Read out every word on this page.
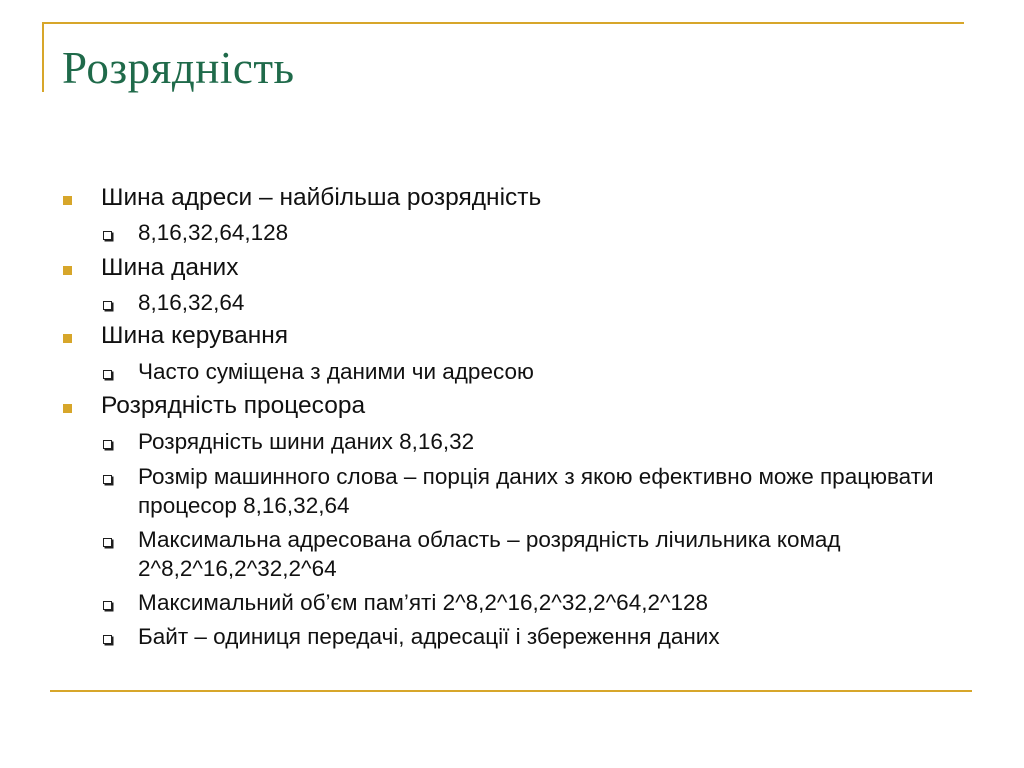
Розрядність
Шина адреси – найбільша розрядність
8,16,32,64,128
Шина даних
8,16,32,64
Шина керування
Часто суміщена з даними чи адресою
Розрядність процесора
Розрядність шини даних 8,16,32
Розмір машинного слова – порція даних з якою ефективно може працювати процесор 8,16,32,64
Максимальна адресована область – розрядність лічильника комад 2^8,2^16,2^32,2^64
Максимальний об’єм пам’яті 2^8,2^16,2^32,2^64,2^128
Байт – одиниця передачі, адресації і збереження даних
